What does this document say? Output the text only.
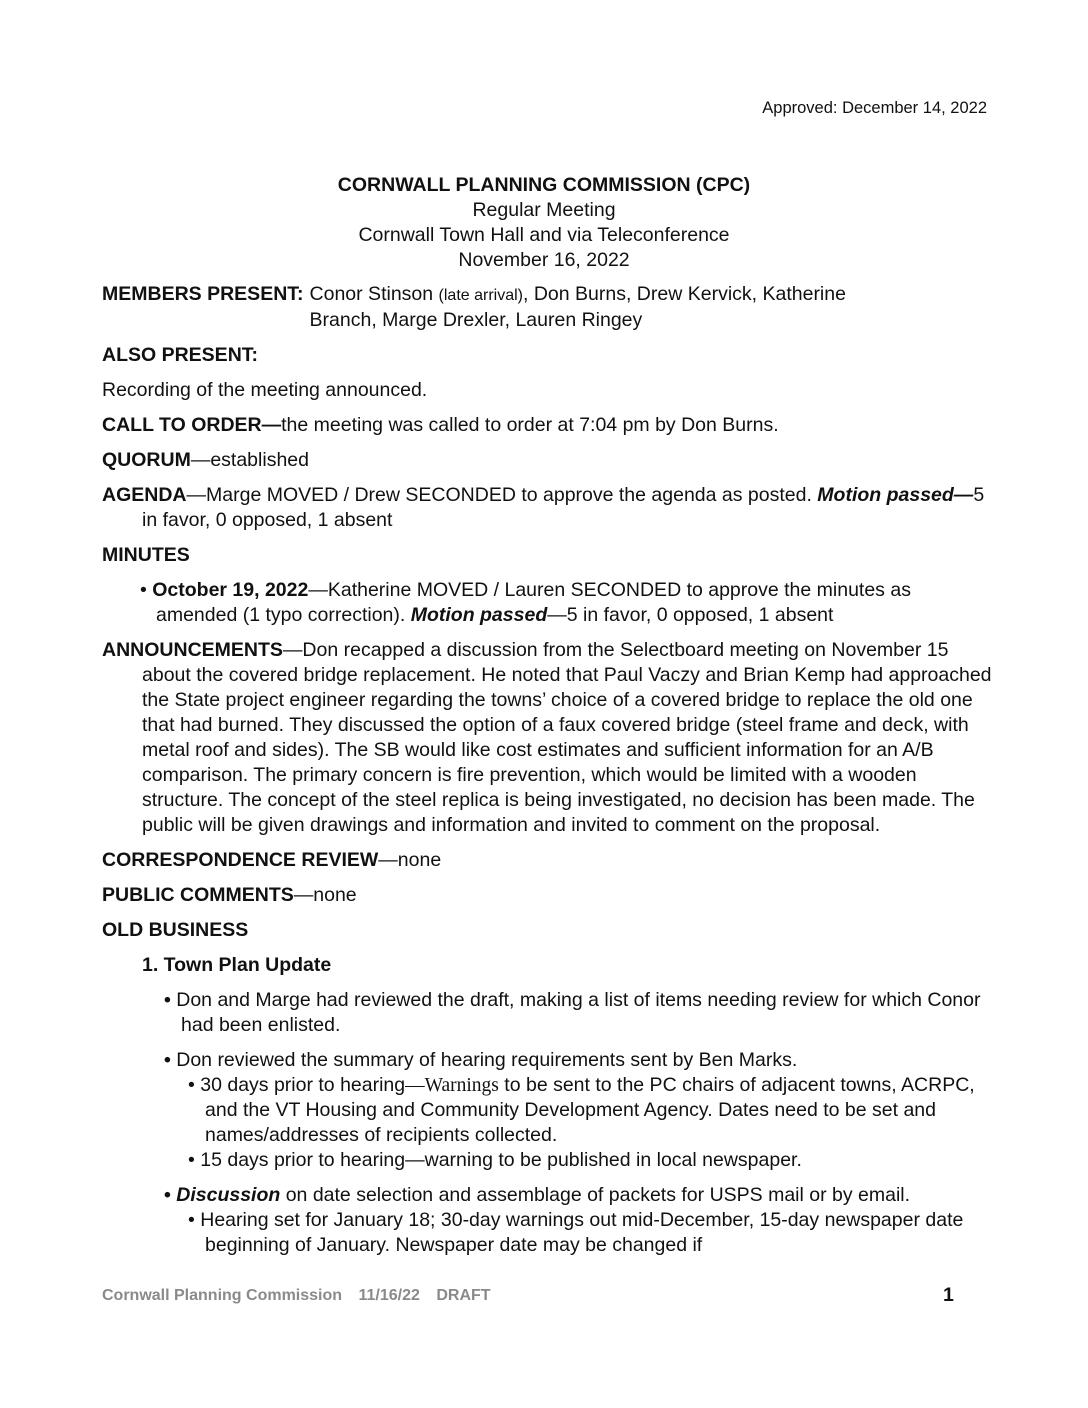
Approved: December 14, 2022
CORNWALL PLANNING COMMISSION (CPC)
Regular Meeting
Cornwall Town Hall and via Teleconference
November 16, 2022
MEMBERS PRESENT: Conor Stinson (late arrival), Don Burns, Drew Kervick, Katherine
Branch, Marge Drexler, Lauren Ringey
ALSO PRESENT:
Recording of the meeting announced.
CALL TO ORDER—the meeting was called to order at 7:04 pm by Don Burns.
QUORUM—established
AGENDA—Marge MOVED / Drew SECONDED to approve the agenda as posted. Motion passed—5 in favor, 0 opposed, 1 absent
MINUTES
• October 19, 2022—Katherine MOVED / Lauren SECONDED to approve the minutes as amended (1 typo correction). Motion passed—5 in favor, 0 opposed, 1 absent
ANNOUNCEMENTS—Don recapped a discussion from the Selectboard meeting on November 15 about the covered bridge replacement. He noted that Paul Vaczy and Brian Kemp had approached the State project engineer regarding the towns’ choice of a covered bridge to replace the old one that had burned. They discussed the option of a faux covered bridge (steel frame and deck, with metal roof and sides). The SB would like cost estimates and sufficient information for an A/B comparison. The primary concern is fire prevention, which would be limited with a wooden structure. The concept of the steel replica is being investigated, no decision has been made. The public will be given drawings and information and invited to comment on the proposal.
CORRESPONDENCE REVIEW—none
PUBLIC COMMENTS—none
OLD BUSINESS
1. Town Plan Update
• Don and Marge had reviewed the draft, making a list of items needing review for which Conor had been enlisted.
• Don reviewed the summary of hearing requirements sent by Ben Marks.
• 30 days prior to hearing—Warnings to be sent to the PC chairs of adjacent towns, ACRPC, and the VT Housing and Community Development Agency. Dates need to be set and names/addresses of recipients collected.
• 15 days prior to hearing—warning to be published in local newspaper.
• Discussion on date selection and assemblage of packets for USPS mail or by email.
• Hearing set for January 18; 30-day warnings out mid-December, 15-day newspaper date beginning of January. Newspaper date may be changed if
Cornwall Planning Commission 11/16/22 DRAFT	1
